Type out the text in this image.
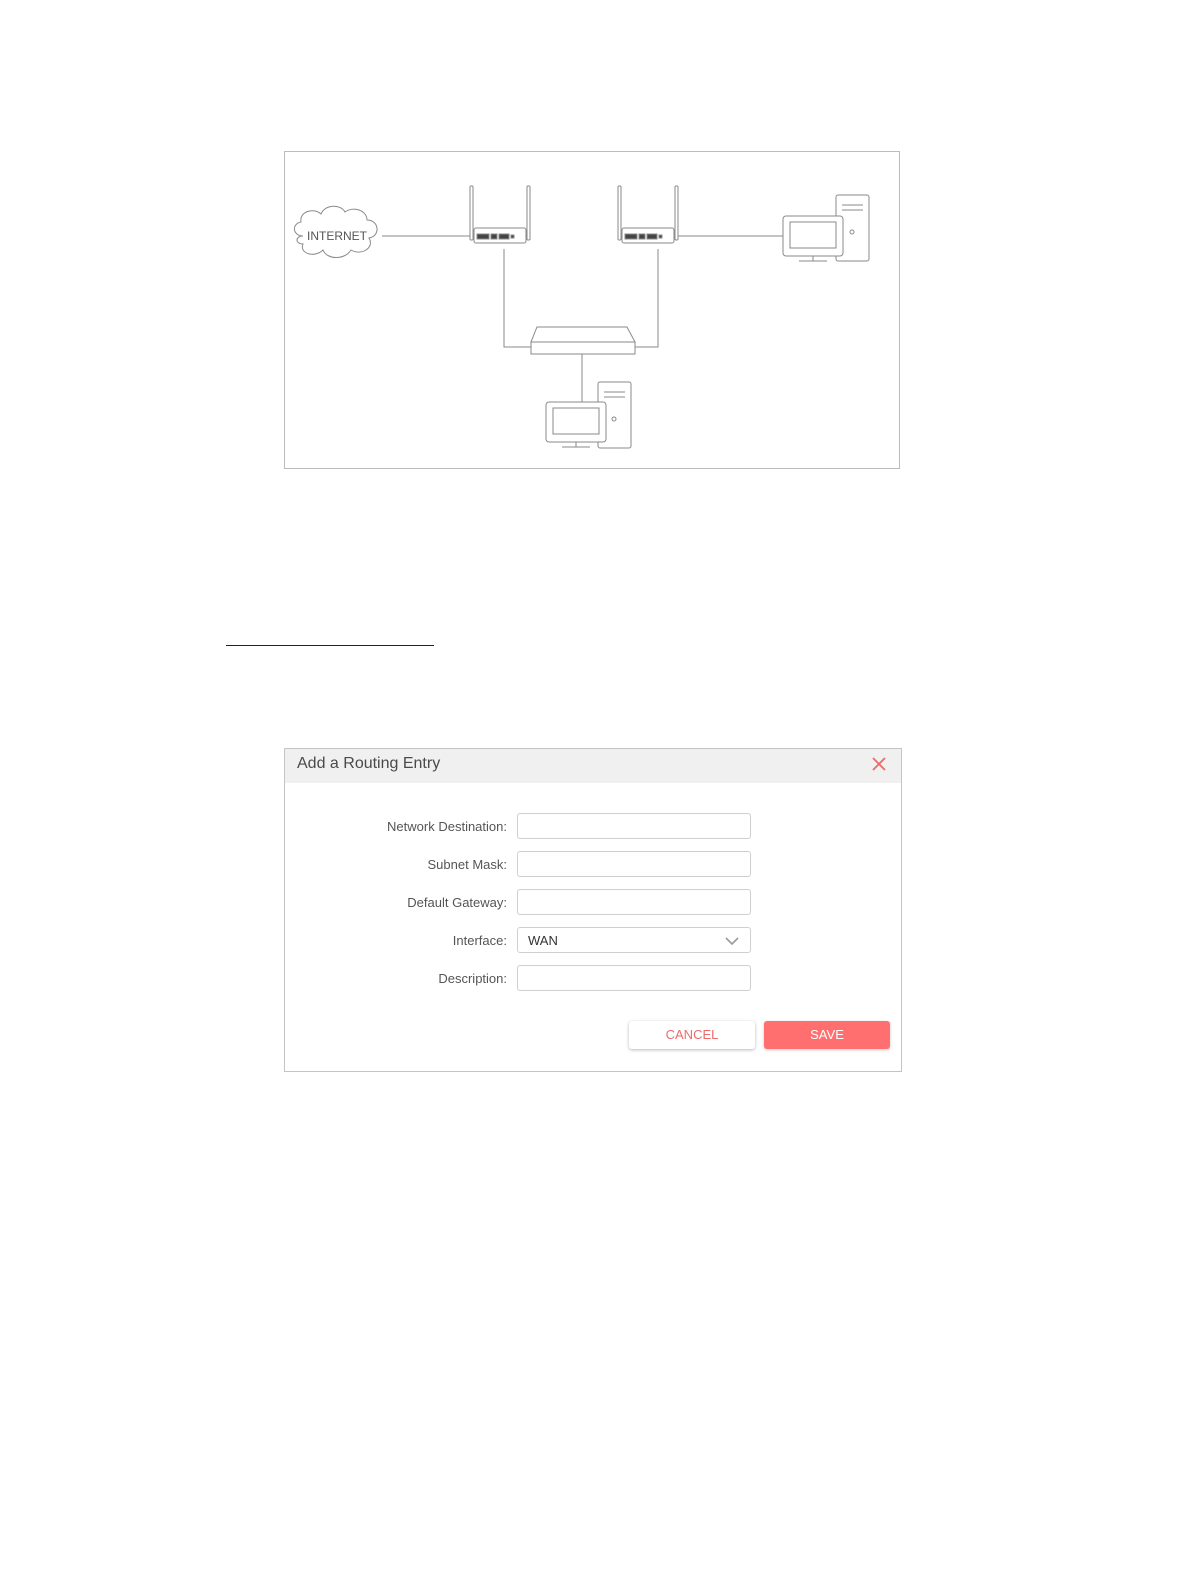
INTERNET
Add a Routing Entry
Network Destination:
Subnet Mask:
Default Gateway:
Interface: WAN
Description:
CANCEL	SAVE
